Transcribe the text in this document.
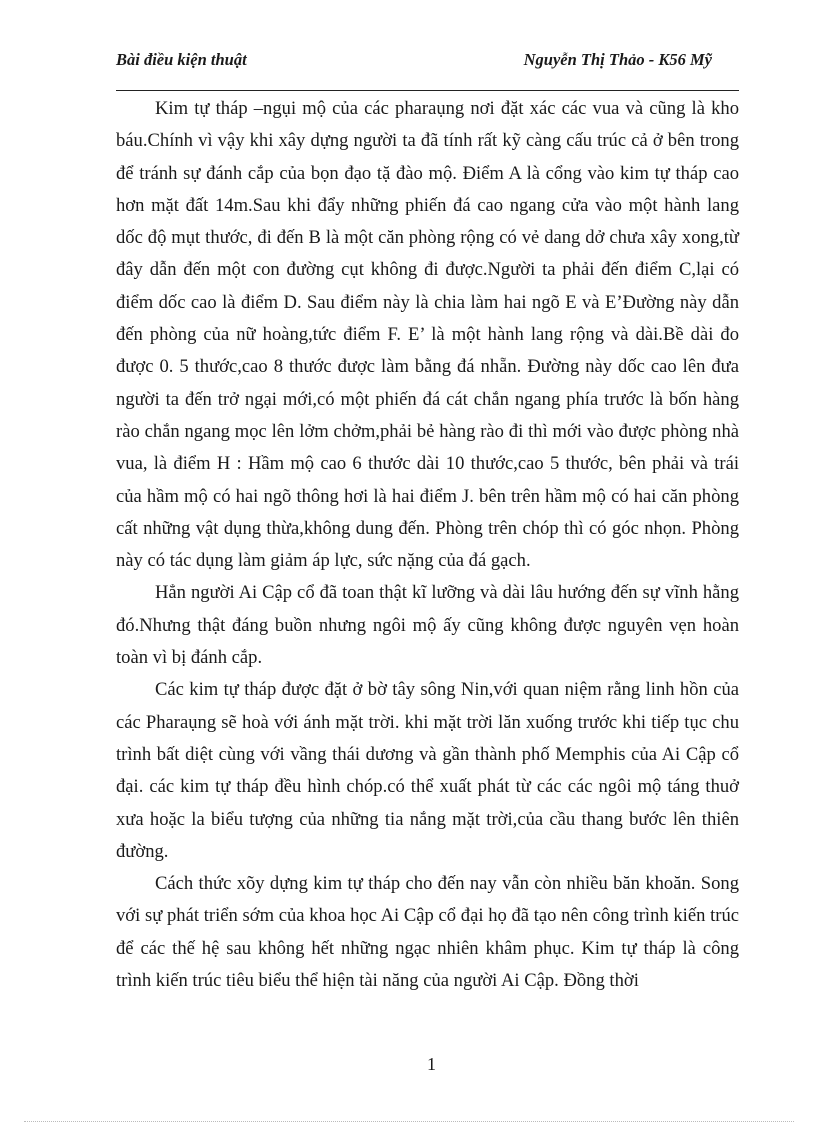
Bài điều kiện thuật	Nguyễn Thị Thảo - K56 Mỹ

Kim tự tháp –ngụi mộ của các pharaụng nơi đặt xác các vua và cũng là kho báu.Chính vì vậy khi xây dựng người ta đã tính rất kỹ càng cấu trúc cả ở bên trong để tránh sự đánh cắp của bọn đạo tặ đào mộ. Điểm A là cổng vào kim tự tháp cao hơn mặt đất 14m.Sau khi đẩy những phiến đá cao ngang cửa vào một hành lang dốc độ mụt thước, đi đến B là một căn phòng rộng có vẻ dang dở chưa xây xong,từ đây dẫn đến một con đường cụt không đi được.Người ta phải đến điểm C,lại có điểm dốc cao là điểm D. Sau điểm này là chia làm hai ngõ E và E’Đường này dẫn đến phòng của nữ hoàng,tức điểm F. E’ là một hành lang rộng và dài.Bề dài đo được 0. 5 thước,cao 8 thước được làm bằng đá nhẵn. Đường này dốc cao lên đưa người ta đến trở ngại mới,có một phiến đá cát chắn ngang phía trước là bốn hàng rào chắn ngang mọc lên lởm chởm,phải bẻ hàng rào đi thì mới vào được phòng nhà vua, là điểm H : Hầm mộ cao 6 thước dài 10 thước,cao 5 thước, bên phải và trái của hầm mộ có hai ngõ thông hơi là hai điểm J. bên trên hầm mộ có hai căn phòng cất những vật dụng thừa,không dung đến. Phòng trên chóp thì có góc nhọn. Phòng này có tác dụng làm giảm áp lực, sức nặng của đá gạch.

Hẳn người Ai Cập cổ đã toan thật kĩ lưỡng và dài lâu hướng đến sự vĩnh hằng đó.Nhưng thật đáng buồn nhưng ngôi mộ ấy cũng không được nguyên vẹn hoàn toàn vì bị đánh cắp.

Các kim tự tháp được đặt ở bờ tây sông Nin,với quan niệm rằng linh hồn của các Pharaụng sẽ hoà với ánh mặt trời. khi mặt trời lăn xuống trước khi tiếp tục chu trình bất diệt cùng với vầng thái dương và gần thành phố Memphis của Ai Cập cổ đại. các kim tự tháp đều hình chóp.có thể xuất phát từ các các ngôi mộ táng thuở xưa hoặc la biểu tượng của những tia nắng mặt trời,của cầu thang bước lên thiên đường.

Cách thức xõy dựng kim tự tháp cho đến nay vẫn còn nhiều băn khoăn. Song với sự phát triển sớm của khoa học Ai Cập cổ đại họ đã tạo nên công trình kiến trúc để các thế hệ sau không hết những ngạc nhiên khâm phục. Kim tự tháp là công trình kiến trúc tiêu biểu thể hiện tài năng của người Ai Cập. Đồng thời

1
